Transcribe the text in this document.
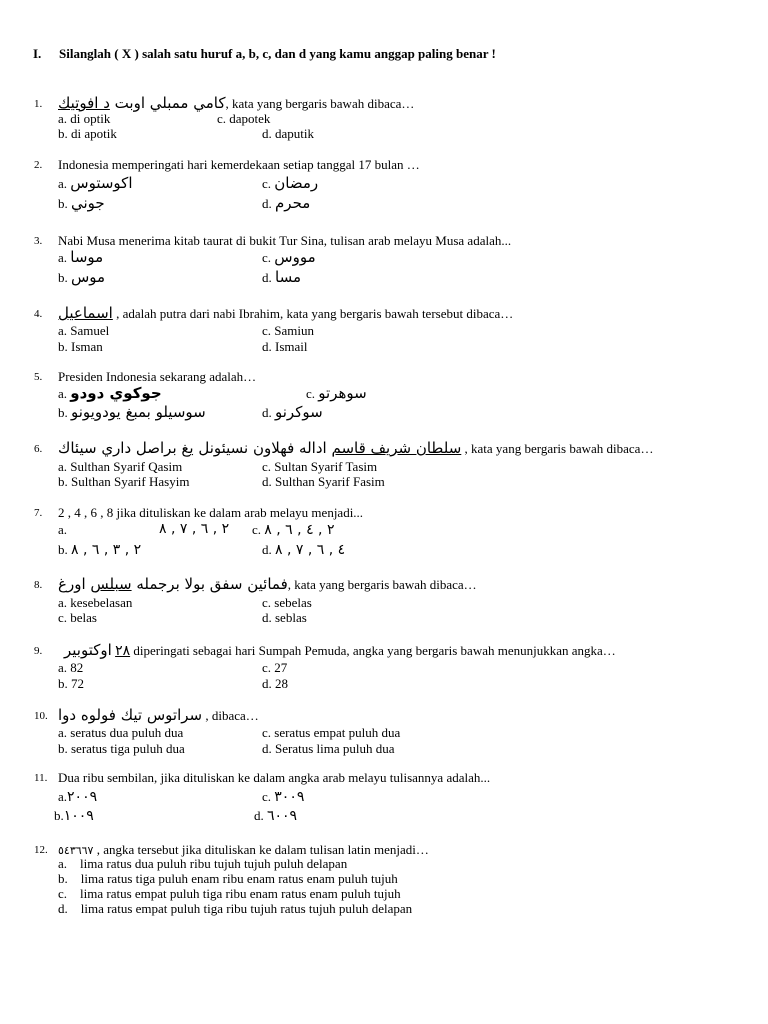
I. Silanglah ( X ) salah satu huruf a, b, c, dan d yang kamu anggap paling benar !
1.	كامي ممبلي اوبت د افوتيك	, kata yang bergaris bawah dibaca…
a. di optik	c. dapotek
b. di apotik	d. daputik
2.	Indonesia memperingati hari kemerdekaan setiap tanggal 17 bulan …
a. اكوستوس	c. رمضان
b. جوني	d. محرم
3.	Nabi Musa menerima kitab taurat di bukit Tur Sina, tulisan arab melayu Musa adalah...
a. موسا	c. مووس
b. موس	d. مسا
4.	اسماعيل , adalah putra dari nabi Ibrahim, kata yang bergaris bawah tersebut dibaca…
a. Samuel	c. Samiun
b. Isman	d. Ismail
5.	Presiden Indonesia sekarang adalah…
a. جوكوي دودو	c. سوهرتو
b. سوسيلو بمبغ يودويونو	d. سوكرنو
6.	سلطان شريف قاسم اداله فهلاون نسيئونل يغ براصل داري سيئاك	, kata yang bergaris bawah dibaca…
a. Sulthan Syarif Qasim	c. Sultan Syarif Tasim
b. Sulthan Syarif Hasyim	d. Sulthan Syarif Fasim
7.	2 , 4 , 6 , 8 jika dituliskan ke dalam arab melayu menjadi...
a.	٢ , ٦ , ٧ , ٨ c. ٢ , ٤ , ٦ , ٨
b. ٢ , ٣ , ٦ , ٨	d. ٤ , ٦ , ٧ , ٨
8.	فمائين سفق بولا برجمله سبلس اورغ	, kata yang bergaris bawah dibaca…
a. kesebelasan	c. sebelas
c. belas	d. seblas
9.	اوكتوبير ٢٨ diperingati sebagai hari Sumpah Pemuda, angka yang bergaris bawah menunjukkan angka…
a. 82	c. 27
b. 72	d. 28
10. سراتوس تيك فولوه دوا , dibaca…
a. seratus dua puluh dua	c. seratus empat puluh dua
b. seratus tiga puluh dua	d. Seratus lima puluh dua
11. Dua ribu sembilan, jika dituliskan ke dalam angka arab melayu tulisannya adalah...
a.٢٠٠٩	c. ٣٠٠٩
b.١٠٠٩	d. ٦٠٠٩
12. ٥٤٣٦٦٧ , angka tersebut jika dituliskan ke dalam tulisan latin menjadi…
a.    lima ratus dua puluh ribu tujuh tujuh puluh delapan
b.    lima ratus tiga puluh enam ribu enam ratus enam puluh tujuh
c.    lima ratus empat puluh tiga ribu enam ratus enam puluh tujuh
d.    lima ratus empat puluh tiga ribu tujuh ratus tujuh puluh delapan
